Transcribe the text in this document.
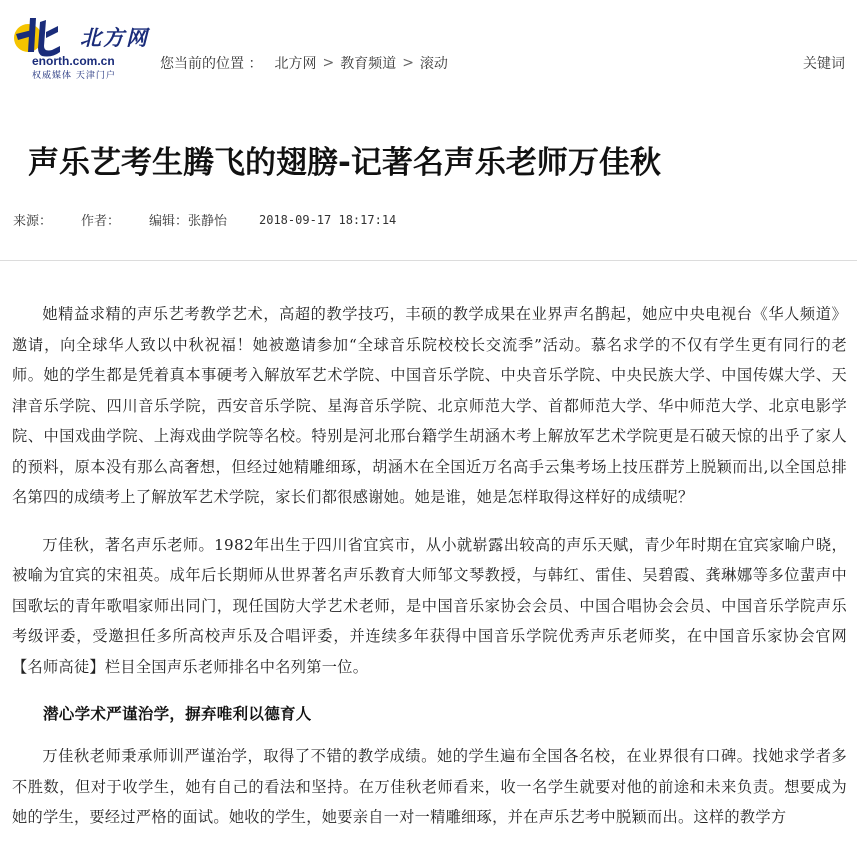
北方网
enorth.com.cn
权威媒体 天津门户
您当前的位置 ： 北方网 > 教育频道 > 滚动	关键词
声乐艺考生腾飞的翅膀-记著名声乐老师万佳秋
来源：	作者：	编辑：张静怡	2018-09-17 18:17:14

她精益求精的声乐艺考教学艺术，高超的教学技巧，丰硕的教学成果在业界声名鹊起，她应中央电视台《华人频道》邀请，向全球华人致以中秋祝福！她被邀请参加“全球音乐院校校长交流季”活动。慕名求学的不仅有学生更有同行的老师。她的学生都是凭着真本事硬考入解放军艺术学院、中国音乐学院、中央音乐学院、中央民族大学、中国传媒大学、天津音乐学院、四川音乐学院，西安音乐学院、星海音乐学院、北京师范大学、首都师范大学、华中师范大学、北京电影学院、中国戏曲学院、上海戏曲学院等名校。特别是河北邢台籍学生胡涵木考上解放军艺术学院更是石破天惊的出乎了家人的预料，原本没有那么高奢想，但经过她精雕细琢，胡涵木在全国近万名高手云集考场上技压群芳上脱颖而出,以全国总排名第四的成绩考上了解放军艺术学院，家长们都很感谢她。她是谁，她是怎样取得这样好的成绩呢？

万佳秋，著名声乐老师。1982年出生于四川省宜宾市，从小就崭露出较高的声乐天赋，青少年时期在宜宾家喻户晓，被喻为宜宾的宋祖英。成年后长期师从世界著名声乐教育大师邹文琴教授，与韩红、雷佳、吴碧霞、龚琳娜等多位蜚声中国歌坛的青年歌唱家师出同门，现任国防大学艺术老师，是中国音乐家协会会员、中国合唱协会会员、中国音乐学院声乐考级评委，受邀担任多所高校声乐及合唱评委，并连续多年获得中国音乐学院优秀声乐老师奖，在中国音乐家协会官网【名师高徒】栏目全国声乐老师排名中名列第一位。

潜心学术严谨治学，摒弃唯利以德育人

万佳秋老师秉承师训严谨治学，取得了不错的教学成绩。她的学生遍布全国各名校，在业界很有口碑。找她求学者多不胜数，但对于收学生，她有自己的看法和坚持。在万佳秋老师看来，收一名学生就要对他的前途和未来负责。想要成为她的学生，要经过严格的面试。她收的学生，她要亲自一对一精雕细琢，并在声乐艺考中脱颖而出。这样的教学方
